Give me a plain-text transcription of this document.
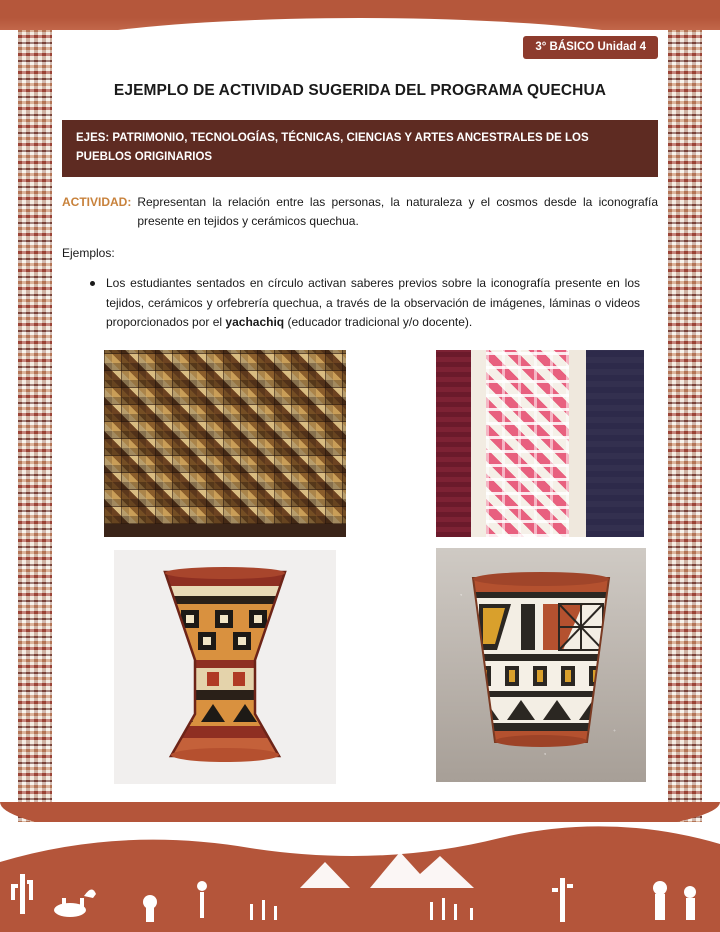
3° BÁSICO Unidad 4
EJEMPLO DE ACTIVIDAD SUGERIDA DEL PROGRAMA QUECHUA
EJES: PATRIMONIO, TECNOLOGÍAS, TÉCNICAS, CIENCIAS Y ARTES ANCESTRALES DE LOS PUEBLOS ORIGINARIOS
ACTIVIDAD: Representan la relación entre las personas, la naturaleza y el cosmos desde la iconografía presente en tejidos y cerámicos quechua.
Ejemplos:
Los estudiantes sentados en círculo activan saberes previos sobre la iconografía presente en los tejidos, cerámicos y orfebrería quechua, a través de la observación de imágenes, láminas o videos proporcionados por el yachachiq (educador tradicional y/o docente).
